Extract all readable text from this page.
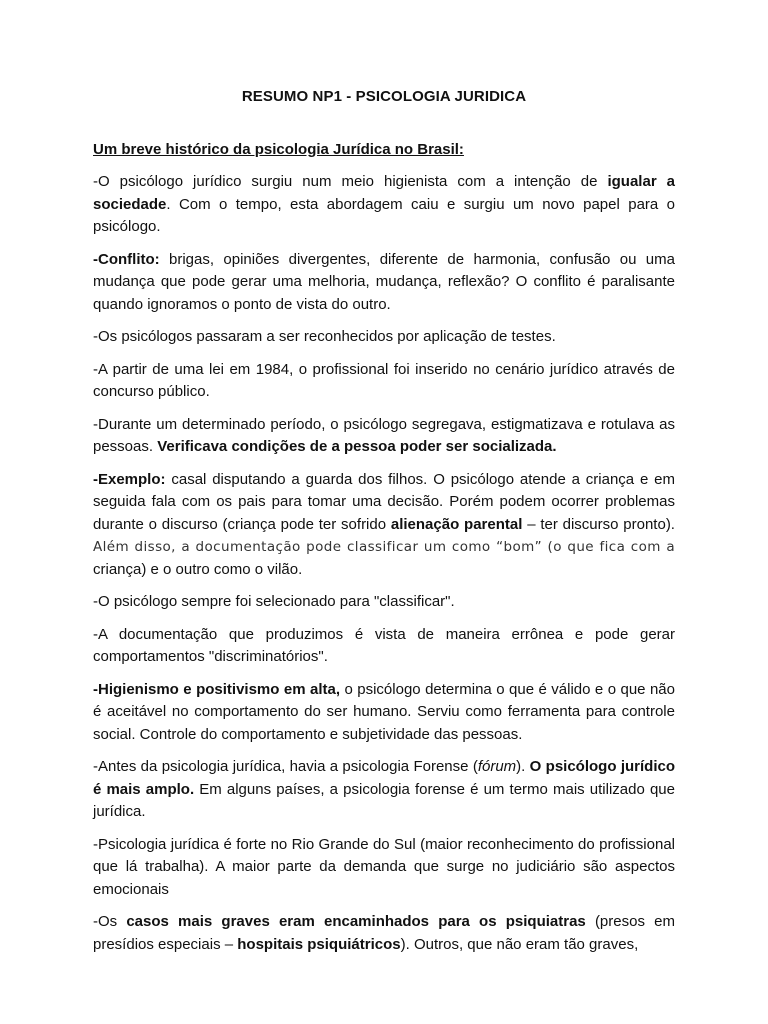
RESUMO NP1 - PSICOLOGIA JURIDICA
Um breve histórico da psicologia Jurídica no Brasil:
-O psicólogo jurídico surgiu num meio higienista com a intenção de igualar a sociedade. Com o tempo, esta abordagem caiu e surgiu um novo papel para o psicólogo.
-Conflito: brigas, opiniões divergentes, diferente de harmonia, confusão ou uma mudança que pode gerar uma melhoria, mudança, reflexão? O conflito é paralisante quando ignoramos o ponto de vista do outro.
-Os psicólogos passaram a ser reconhecidos por aplicação de testes.
-A partir de uma lei em 1984, o profissional foi inserido no cenário jurídico através de concurso público.
-Durante um determinado período, o psicólogo segregava, estigmatizava e rotulava as pessoas. Verificava condições de a pessoa poder ser socializada.
-Exemplo: casal disputando a guarda dos filhos. O psicólogo atende a criança e em seguida fala com os pais para tomar uma decisão. Porém podem ocorrer problemas durante o discurso (criança pode ter sofrido alienação parental – ter discurso pronto). Além disso, a documentação pode classificar um como “bom” (o que fica com a criança) e o outro como o vilão.
-O psicólogo sempre foi selecionado para "classificar".
-A documentação que produzimos é vista de maneira errônea e pode gerar comportamentos "discriminatórios".
-Higienismo e positivismo em alta, o psicólogo determina o que é válido e o que não é aceitável no comportamento do ser humano. Serviu como ferramenta para controle social. Controle do comportamento e subjetividade das pessoas.
-Antes da psicologia jurídica, havia a psicologia Forense (fórum). O psicólogo jurídico é mais amplo. Em alguns países, a psicologia forense é um termo mais utilizado que jurídica.
-Psicologia jurídica é forte no Rio Grande do Sul (maior reconhecimento do profissional que lá trabalha). A maior parte da demanda que surge no judiciário são aspectos emocionais
-Os casos mais graves eram encaminhados para os psiquiatras (presos em presídios especiais – hospitais psiquiátricos). Outros, que não eram tão graves,
